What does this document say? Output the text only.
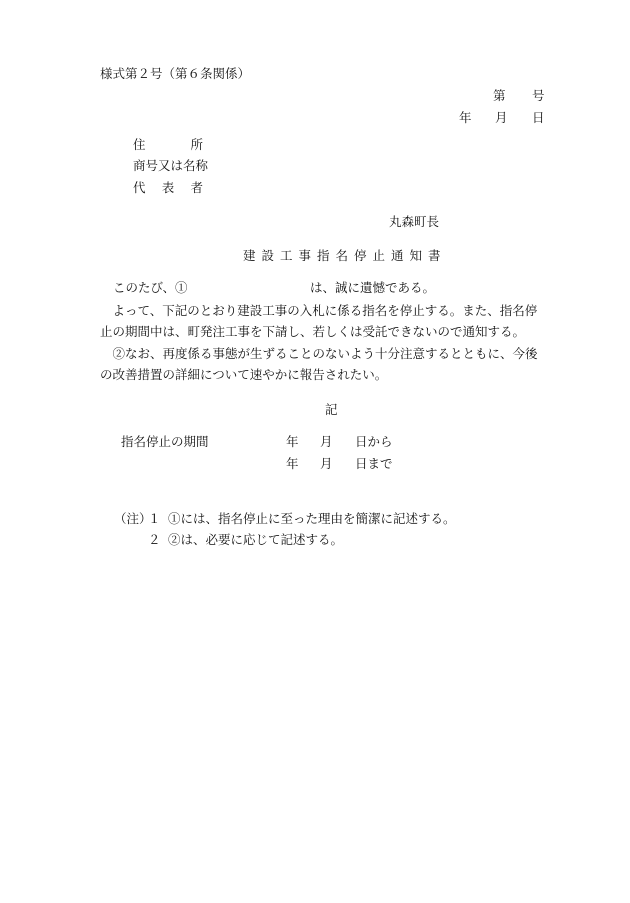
様式第２号（第６条関係）
第 号
年 月 日
住	所
商号又は名称
代 表 者
丸森町長
建設工事指名停止通知書
このたび、①	は、誠に遺憾である。
よって、下記のとおり建設工事の入札に係る指名を停止する。また、指名停止の期間中は、町発注工事を下請し、若しくは受託できないので通知する。
②なお、再度係る事態が生ずることのないよう十分注意するとともに、今後の改善措置の詳細について速やかに報告されたい。
記
指名停止の期間	年 月 日から
年 月 日まで
（注）
１ ①には、指名停止に至った理由を簡潔に記述する。
２ ②は、必要に応じて記述する。
